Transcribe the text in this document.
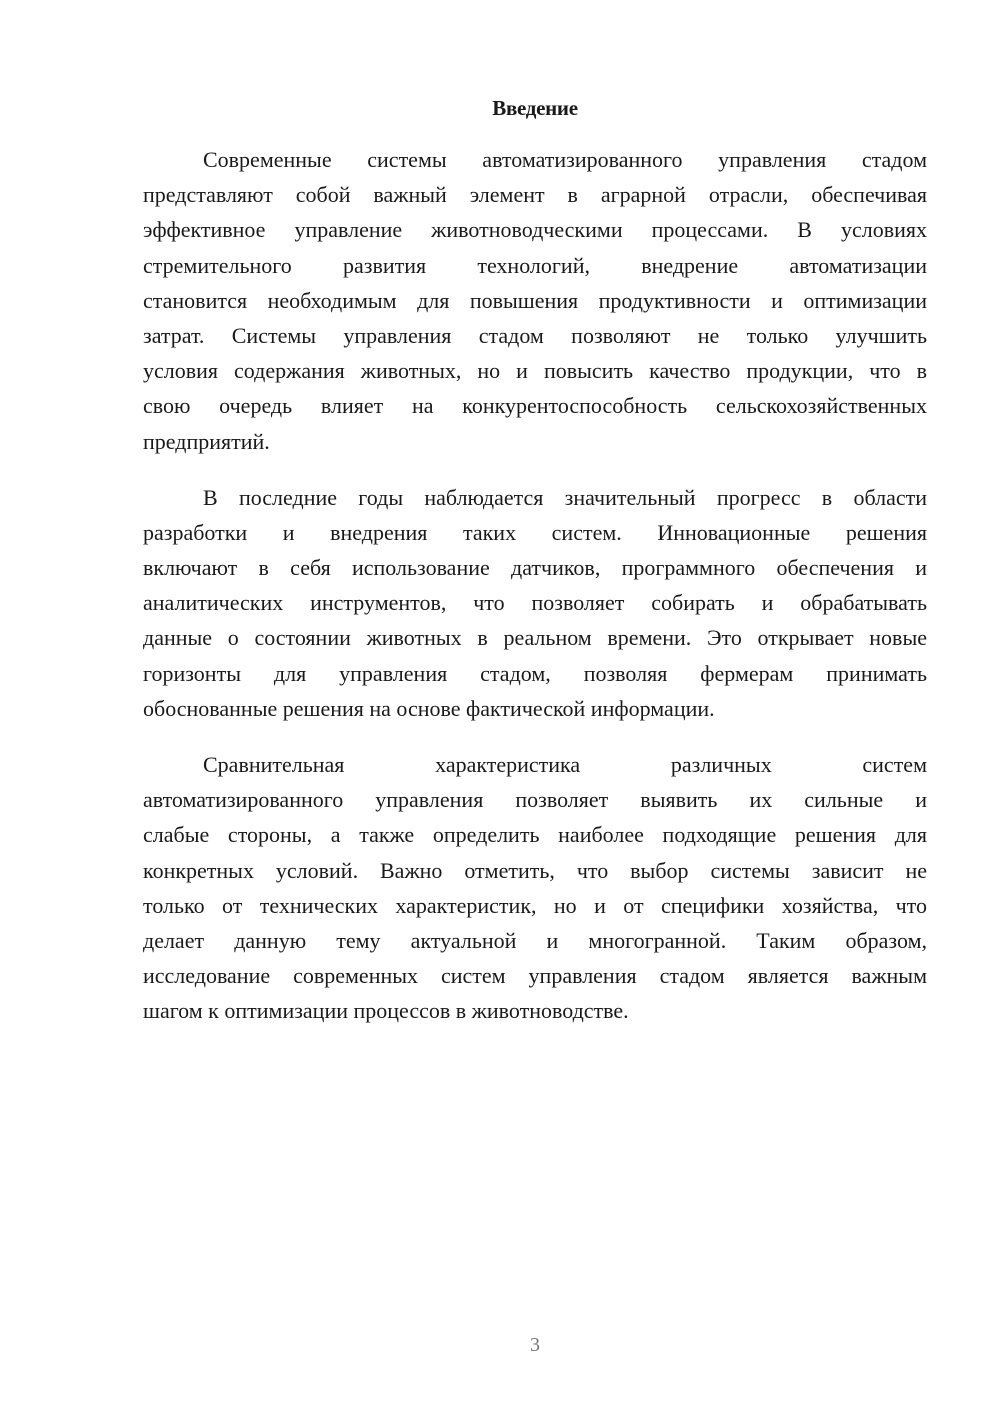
Введение
Современные системы автоматизированного управления стадом
представляют собой важный элемент в аграрной отрасли, обеспечивая
эффективное управление животноводческими процессами. В условиях
стремительного развития технологий, внедрение автоматизации
становится необходимым для повышения продуктивности и оптимизации
затрат. Системы управления стадом позволяют не только улучшить
условия содержания животных, но и повысить качество продукции, что в
свою очередь влияет на конкурентоспособность сельскохозяйственных
предприятий.
В последние годы наблюдается значительный прогресс в области
разработки и внедрения таких систем. Инновационные решения
включают в себя использование датчиков, программного обеспечения и
аналитических инструментов, что позволяет собирать и обрабатывать
данные о состоянии животных в реальном времени. Это открывает новые
горизонты для управления стадом, позволяя фермерам принимать
обоснованные решения на основе фактической информации.
Сравнительная характеристика различных систем
автоматизированного управления позволяет выявить их сильные и
слабые стороны, а также определить наиболее подходящие решения для
конкретных условий. Важно отметить, что выбор системы зависит не
только от технических характеристик, но и от специфики хозяйства, что
делает данную тему актуальной и многогранной. Таким образом,
исследование современных систем управления стадом является важным
шагом к оптимизации процессов в животноводстве.
3
